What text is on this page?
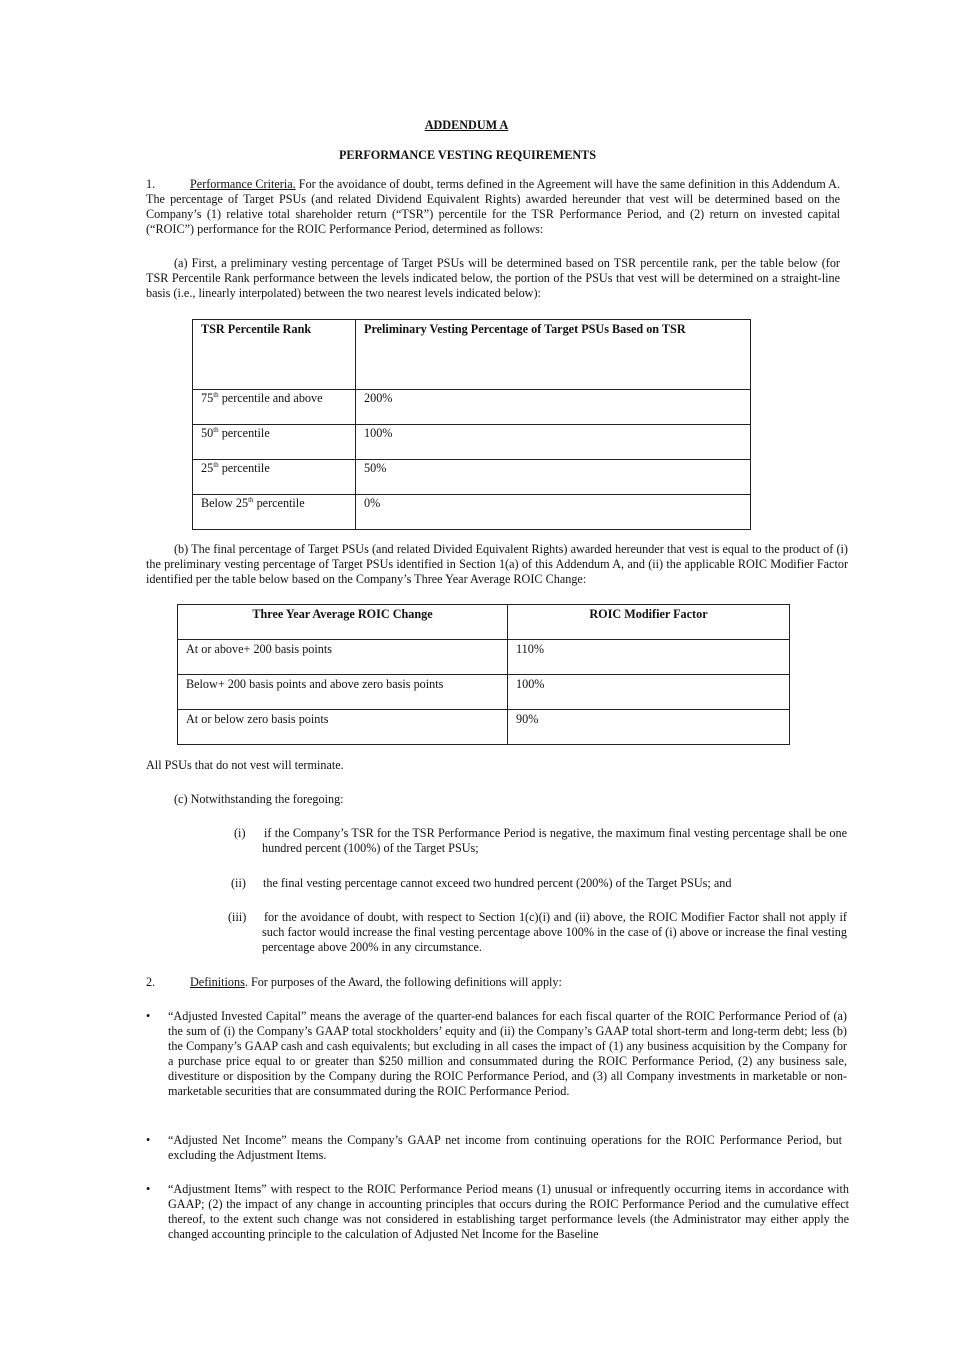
ADDENDUM A
PERFORMANCE VESTING REQUIREMENTS
1.	Performance Criteria. For the avoidance of doubt, terms defined in the Agreement will have the same definition in this Addendum A. The percentage of Target PSUs (and related Dividend Equivalent Rights) awarded hereunder that vest will be determined based on the Company’s (1) relative total shareholder return (“TSR”) percentile for the TSR Performance Period, and (2) return on invested capital (“ROIC”) performance for the ROIC Performance Period, determined as follows:
(a) First, a preliminary vesting percentage of Target PSUs will be determined based on TSR percentile rank, per the table below (for TSR Percentile Rank performance between the levels indicated below, the portion of the PSUs that vest will be determined on a straight-line basis (i.e., linearly interpolated) between the two nearest levels indicated below):
TSR Percentile Rank	Preliminary Vesting Percentage of Target PSUs Based on TSR
75th percentile and above	200%
50th percentile	100%
25th percentile	50%
Below 25th percentile	0%
(b) The final percentage of Target PSUs (and related Divided Equivalent Rights) awarded hereunder that vest is equal to the product of (i) the preliminary vesting percentage of Target PSUs identified in Section 1(a) of this Addendum A, and (ii) the applicable ROIC Modifier Factor identified per the table below based on the Company’s Three Year Average ROIC Change:
Three Year Average ROIC Change	ROIC Modifier Factor
At or above+ 200 basis points	110%
Below+ 200 basis points and above zero basis points	100%
At or below zero basis points	90%
All PSUs that do not vest will terminate.
(c) Notwithstanding the foregoing:
(i) if the Company’s TSR for the TSR Performance Period is negative, the maximum final vesting percentage shall be one hundred percent (100%) of the Target PSUs;
(ii) the final vesting percentage cannot exceed two hundred percent (200%) of the Target PSUs; and
(iii) for the avoidance of doubt, with respect to Section 1(c)(i) and (ii) above, the ROIC Modifier Factor shall not apply if such factor would increase the final vesting percentage above 100% in the case of (i) above or increase the final vesting percentage above 200% in any circumstance.
2.	Definitions. For purposes of the Award, the following definitions will apply:
•	“Adjusted Invested Capital” means the average of the quarter-end balances for each fiscal quarter of the ROIC Performance Period of (a) the sum of (i) the Company’s GAAP total stockholders’ equity and (ii) the Company’s GAAP total short-term and long-term debt; less (b) the Company’s GAAP cash and cash equivalents; but excluding in all cases the impact of (1) any business acquisition by the Company for a purchase price equal to or greater than $250 million and consummated during the ROIC Performance Period, (2) any business sale, divestiture or disposition by the Company during the ROIC Performance Period, and (3) all Company investments in marketable or non-marketable securities that are consummated during the ROIC Performance Period.
•	“Adjusted Net Income” means the Company’s GAAP net income from continuing operations for the ROIC Performance Period, but excluding the Adjustment Items.
•	“Adjustment Items” with respect to the ROIC Performance Period means (1) unusual or infrequently occurring items in accordance with GAAP; (2) the impact of any change in accounting principles that occurs during the ROIC Performance Period and the cumulative effect thereof, to the extent such change was not considered in establishing target performance levels (the Administrator may either apply the changed accounting principle to the calculation of Adjusted Net Income for the Baseline
